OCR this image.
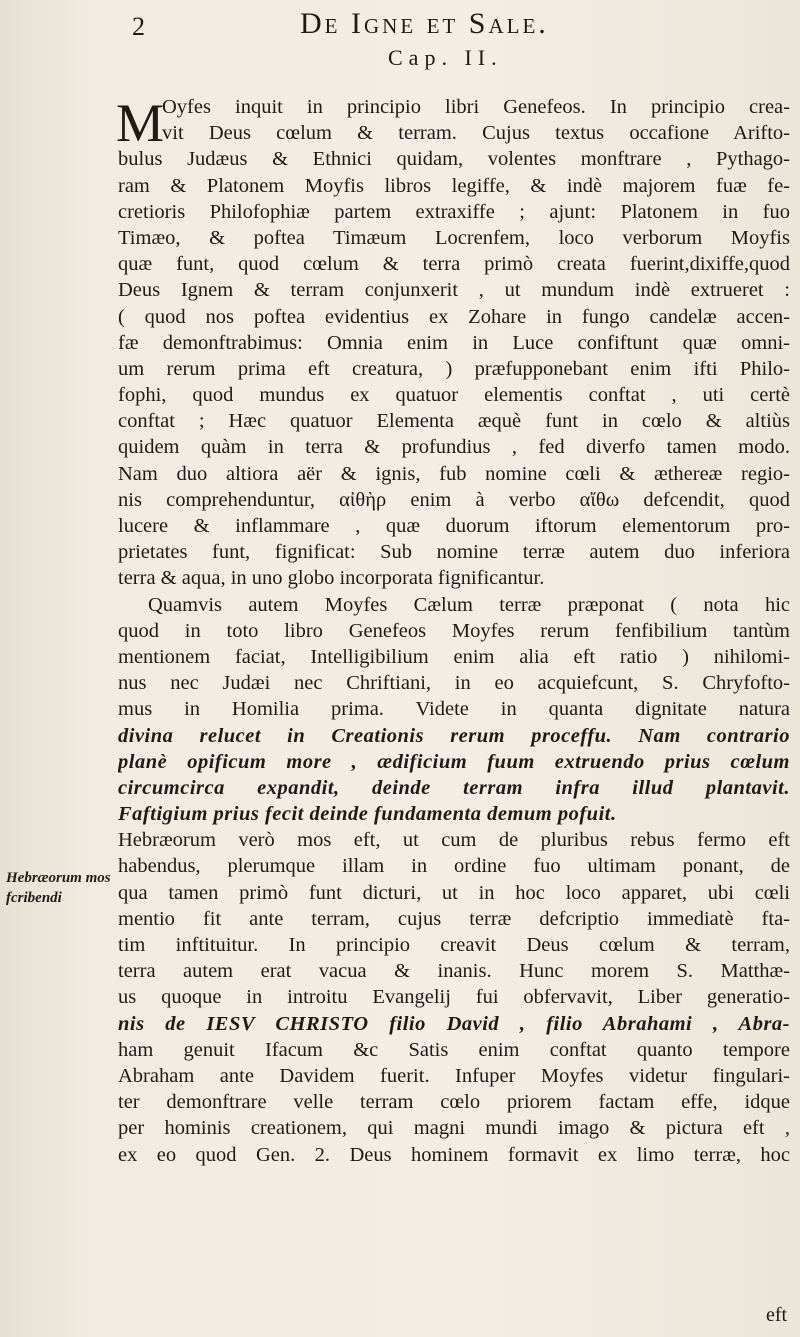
2	De Igne et Sale.
Cap. II.
M
Oyfes inquit in principio libri Genefeos. In principio crea-
vit Deus cœlum & terram. Cujus textus occafione Arifto-
bulus Judæus & Ethnici quidam, volentes monftrare , Pythago-
ram & Platonem Moyfis libros legiffe, & indè majorem fuæ fe-
cretioris Philofophiæ partem extraxiffe ; ajunt: Platonem in fuo
Timæo, & poftea Timæum Locrenfem, loco verborum Moyfis
quæ funt, quod cœlum & terra primò creata fuerint,dixiffe,quod
Deus Ignem & terram conjunxerit , ut mundum indè extrueret :
( quod nos poftea evidentius ex Zohare in fungo candelæ accen-
fæ demonftrabimus: Omnia enim in Luce confiftunt quæ omni-
um rerum prima eft creatura, ) præfupponebant enim ifti Philo-
fophi, quod mundus ex quatuor elementis conftat , uti certè
conftat ; Hæc quatuor Elementa æquè funt in cœlo & altiùs
quidem quàm in terra & profundius , fed diverfo tamen modo.
Nam duo altiora aër & ignis, fub nomine cœli & æthereæ regio-
nis comprehenduntur, αἰθὴρ enim à verbo αἴθω defcendit, quod
lucere & inflammare , quæ duorum iftorum elementorum pro-
prietates funt, fignificat: Sub nomine terræ autem duo inferiora
terra & aqua, in uno globo incorporata fignificantur.
Quamvis autem Moyfes Cælum terræ præponat ( nota hic
quod in toto libro Genefeos Moyfes rerum fenfibilium tantùm
mentionem faciat, Intelligibilium enim alia eft ratio ) nihilomi-
nus nec Judæi nec Chriftiani, in eo acquiefcunt, S. Chryfofto-
mus in Homilia prima. Videte in quanta dignitate natura
divina relucet in Creationis rerum proceffu. Nam contrario
planè opificum more , ædificium fuum extruendo prius cœlum
circumcirca expandit, deinde terram infra illud plantavit.
Faftigium prius fecit deinde fundamenta demum pofuit.
Hebræorum verò mos eft, ut cum de pluribus rebus fermo eft
habendus, plerumque illam in ordine fuo ultimam ponant, de
qua tamen primò funt dicturi, ut in hoc loco apparet, ubi cœli
mentio fit ante terram, cujus terræ defcriptio immediatè fta-
tim inftituitur. In principio creavit Deus cœlum & terram,
terra autem erat vacua & inanis. Hunc morem S. Matthæ-
us quoque in introitu Evangelij fui obfervavit, Liber generatio-
nis de IESV CHRISTO filio David , filio Abrahami , Abra-
ham genuit Ifacum &c Satis enim conftat quanto tempore
Abraham ante Davidem fuerit. Infuper Moyfes videtur fingulari-
ter demonftrare velle terram cœlo priorem factam effe, idque
per hominis creationem, qui magni mundi imago & pictura eft ,
ex eo quod Gen. 2. Deus hominem formavit ex limo terræ, hoc
Hebræorum mos fcribendi
eft
